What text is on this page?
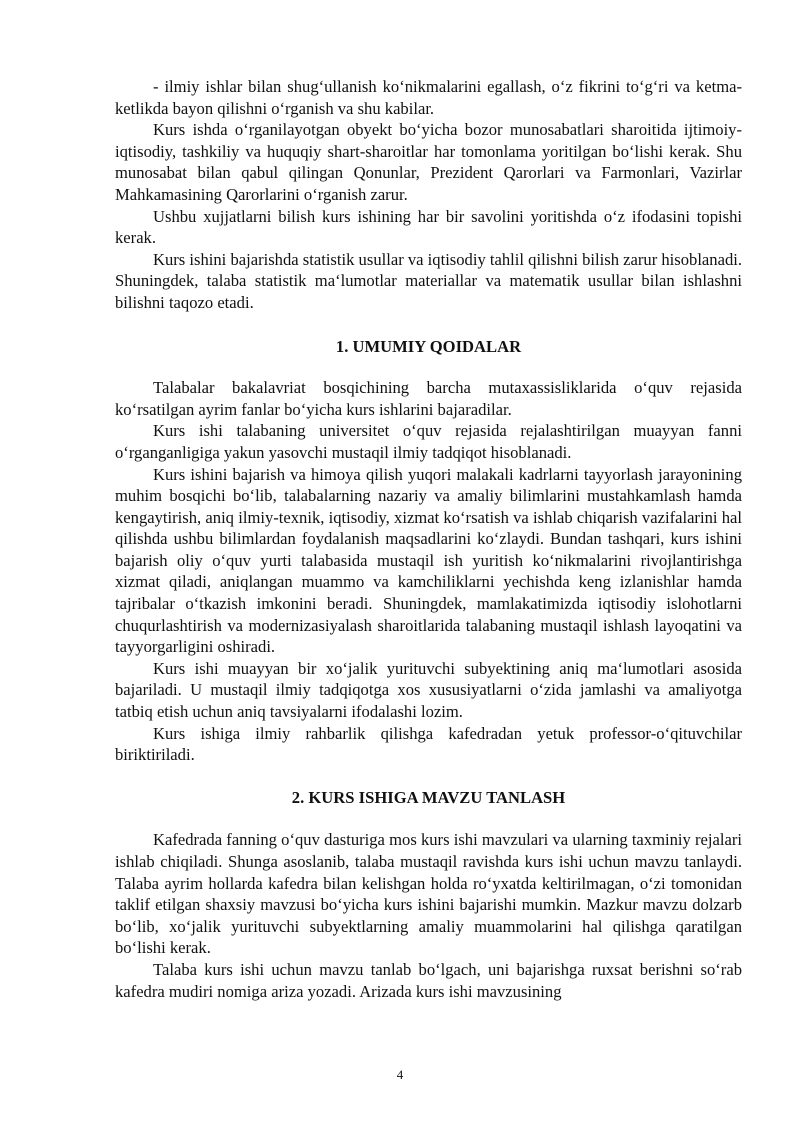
- ilmiy ishlar bilan shug‘ullanish ko‘nikmalarini egallash, o‘z fikrini to‘g‘ri va ketma-ketlikda bayon qilishni o‘rganish va shu kabilar.

Kurs ishda o‘rganilayotgan obyekt bo‘yicha bozor munosabatlari sharoitida ijtimoiy-iqtisodiy, tashkiliy va huquqiy shart-sharoitlar har tomonlama yoritilgan bo‘lishi kerak. Shu munosabat bilan qabul qilingan Qonunlar, Prezident Qarorlari va Farmonlari, Vazirlar Mahkamasining Qarorlarini o‘rganish zarur.

Ushbu xujjatlarni bilish kurs ishining har bir savolini yoritishda o‘z ifodasini topishi kerak.

Kurs ishini bajarishda statistik usullar va iqtisodiy tahlil qilishni bilish zarur hisoblanadi. Shuningdek, talaba statistik ma‘lumotlar materiallar va matematik usullar bilan ishlashni bilishni taqozo etadi.

1. UMUMIY QOIDALAR

Talabalar bakalavriat bosqichining barcha mutaxassisliklarida o‘quv rejasida ko‘rsatilgan ayrim fanlar bo‘yicha kurs ishlarini bajaradilar.

Kurs ishi talabaning universitet o‘quv rejasida rejalashtirilgan muayyan fanni o‘rganganligiga yakun yasovchi mustaqil ilmiy tadqiqot hisoblanadi.

Kurs ishini bajarish va himoya qilish yuqori malakali kadrlarni tayyorlash jarayonining muhim bosqichi bo‘lib, talabalarning nazariy va amaliy bilimlarini mustahkamlash hamda kengaytirish, aniq ilmiy-texnik, iqtisodiy, xizmat ko‘rsatish va ishlab chiqarish vazifalarini hal qilishda ushbu bilimlardan foydalanish maqsadlarini ko‘zlaydi. Bundan tashqari, kurs ishini bajarish oliy o‘quv yurti talabasida mustaqil ish yuritish ko‘nikmalarini rivojlantirishga xizmat qiladi, aniqlangan muammo va kamchiliklarni yechishda keng izlanishlar hamda tajribalar o‘tkazish imkonini beradi. Shuningdek, mamlakatimizda iqtisodiy islohotlarni chuqurlashtirish va modernizasiyalash sharoitlarida talabaning mustaqil ishlash layoqatini va tayyorgarligini oshiradi.

Kurs ishi muayyan bir xo‘jalik yurituvchi subyektining aniq ma‘lumotlari asosida bajariladi. U mustaqil ilmiy tadqiqotga xos xususiyatlarni o‘zida jamlashi va amaliyotga tatbiq etish uchun aniq tavsiyalarni ifodalashi lozim.

Kurs ishiga ilmiy rahbarlik qilishga kafedradan yetuk professor-o‘qituvchilar biriktiriladi.

2. KURS ISHIGA MAVZU TANLASH

Kafedrada fanning o‘quv dasturiga mos kurs ishi mavzulari va ularning taxminiy rejalari ishlab chiqiladi. Shunga asoslanib, talaba mustaqil ravishda kurs ishi uchun mavzu tanlaydi. Talaba ayrim hollarda kafedra bilan kelishgan holda ro‘yxatda keltirilmagan, o‘zi tomonidan taklif etilgan shaxsiy mavzusi bo‘yicha kurs ishini bajarishi mumkin. Mazkur mavzu dolzarb bo‘lib, xo‘jalik yurituvchi subyektlarning amaliy muammolarini hal qilishga qaratilgan bo‘lishi kerak.

Talaba kurs ishi uchun mavzu tanlab bo‘lgach, uni bajarishga ruxsat berishni so‘rab kafedra mudiri nomiga ariza yozadi. Arizada kurs ishi mavzusining

4
